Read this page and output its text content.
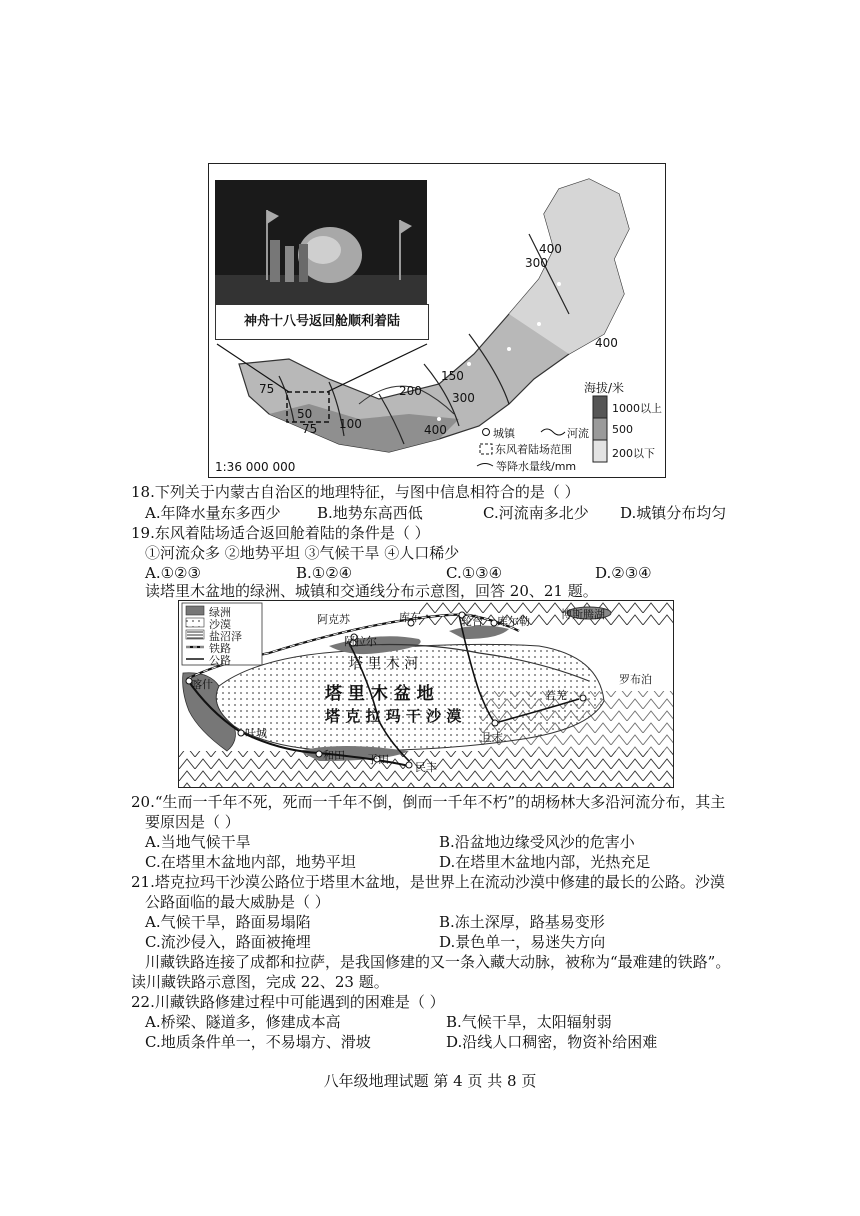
神舟十八号返回舱顺利着陆
400
300
400
150
200	300
400
100
75
50
75
海拔/米
1000以上
500
200以下
城镇	河流
东风着陆场范围
等降水量线/mm
1:36 000 000
18.下列关于内蒙古自治区的地理特征，与图中信息相符合的是（ ）
A.年降水量东多西少 B.地势东高西低	C.河流南多北少 D.城镇分布均匀
19.东风着陆场适合返回舱着陆的条件是（ ）
①河流众多 ②地势平坦 ③气候干旱 ④人口稀少
A.①②③	B.①②④	C.①③④	D.②③④
读塔里木盆地的绿洲、城镇和交通线分布示意图，回答 20、21 题。
绿洲
沙漠
盐沼泽
铁路
公路
阿克苏	库车	轮台 库尔勒
博斯腾湖
阿拉尔
喀什	罗布泊
若羌
且末
叶城
和田 于田
民丰
塔 里 木 河
塔 里 木 盆 地
塔 克 拉 玛 干 沙 漠
20.“生而一千年不死，死而一千年不倒，倒而一千年不朽”的胡杨林大多沿河流分布，其主
要原因是（ ）
A.当地气候干旱	B.沿盆地边缘受风沙的危害小
C.在塔里木盆地内部，地势平坦	D.在塔里木盆地内部，光热充足
21.塔克拉玛干沙漠公路位于塔里木盆地，是世界上在流动沙漠中修建的最长的公路。沙漠
公路面临的最大威胁是（ ）
A.气候干旱，路面易塌陷	B.冻土深厚，路基易变形
C.流沙侵入，路面被掩埋	D.景色单一，易迷失方向
川藏铁路连接了成都和拉萨，是我国修建的又一条入藏大动脉，被称为“最难建的铁路”。
读川藏铁路示意图，完成 22、23 题。
22.川藏铁路修建过程中可能遇到的困难是（ ）
A.桥梁、隧道多，修建成本高	B.气候干旱，太阳辐射弱
C.地质条件单一，不易塌方、滑坡	D.沿线人口稠密，物资补给困难
八年级地理试题 第 4 页 共 8 页
